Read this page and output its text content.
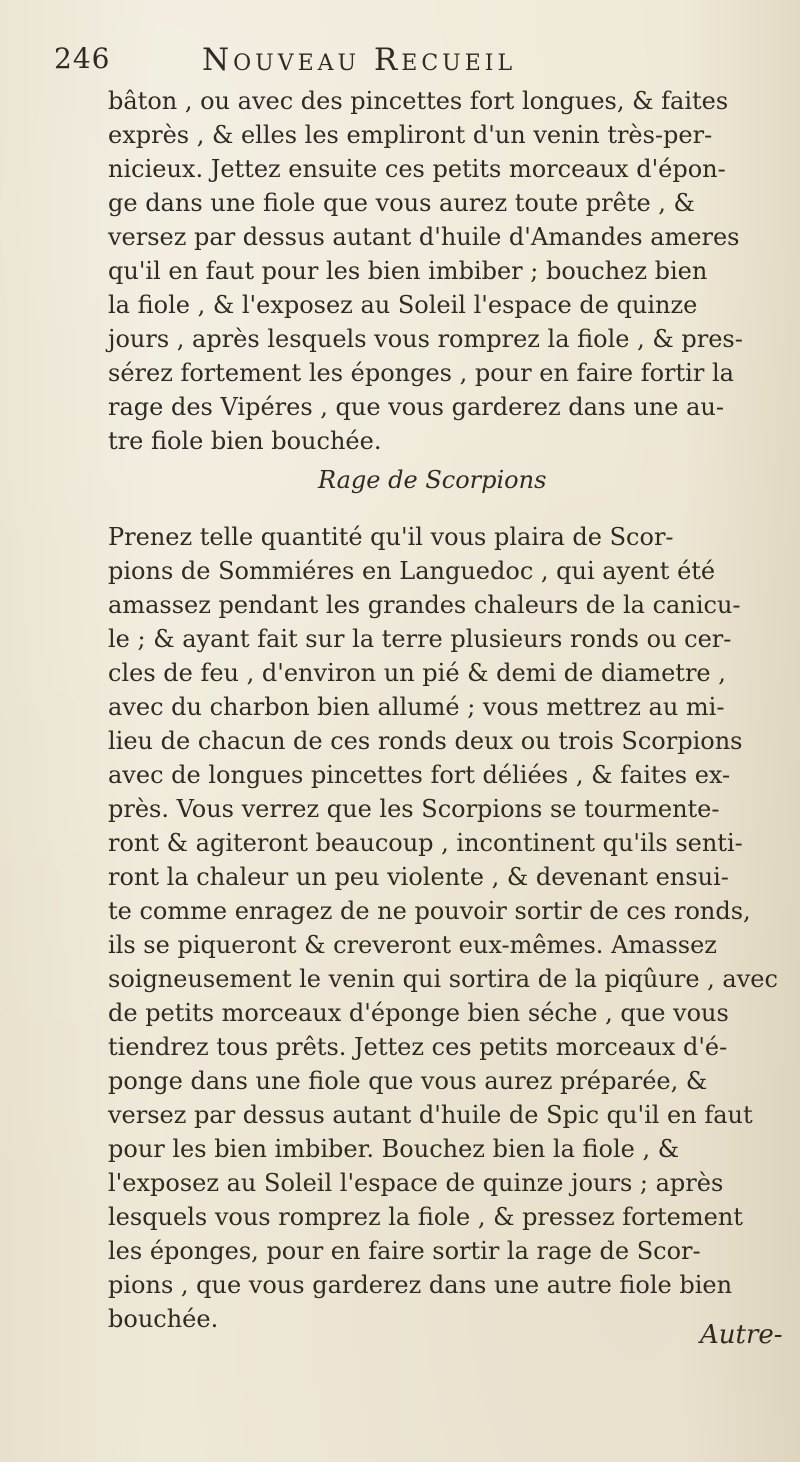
246	Nouveau Recueil
bâton , ou avec des pincettes fort longues, & faites
exprès , & elles les empliront d'un venin très-per-
nicieux. Jettez ensuite ces petits morceaux d'épon-
ge dans une fiole que vous aurez toute prête , &
versez par dessus autant d'huile d'Amandes ameres
qu'il en faut pour les bien imbiber ; bouchez bien
la fiole , & l'exposez au Soleil l'espace de quinze
jours , après lesquels vous romprez la fiole , & pres-
sérez fortement les éponges , pour en faire fortir la
rage des Vipéres , que vous garderez dans une au-
tre fiole bien bouchée.
Rage de Scorpions
Prenez telle quantité qu'il vous plaira de Scor-
pions de Sommiéres en Languedoc , qui ayent été
amassez pendant les grandes chaleurs de la canicu-
le ; & ayant fait sur la terre plusieurs ronds ou cer-
cles de feu , d'environ un pié & demi de diametre ,
avec du charbon bien allumé ; vous mettrez au mi-
lieu de chacun de ces ronds deux ou trois Scorpions
avec de longues pincettes fort déliées , & faites ex-
près. Vous verrez que les Scorpions se tourmente-
ront & agiteront beaucoup , incontinent qu'ils senti-
ront la chaleur un peu violente , & devenant ensui-
te comme enragez de ne pouvoir sortir de ces ronds,
ils se piqueront & creveront eux-mêmes. Amassez
soigneusement le venin qui sortira de la piqûure , avec
de petits morceaux d'éponge bien séche , que vous
tiendrez tous prêts. Jettez ces petits morceaux d'é-
ponge dans une fiole que vous aurez préparée, &
versez par dessus autant d'huile de Spic qu'il en faut
pour les bien imbiber. Bouchez bien la fiole , &
l'exposez au Soleil l'espace de quinze jours ; après
lesquels vous romprez la fiole , & pressez fortement
les éponges, pour en faire sortir la rage de Scor-
pions , que vous garderez dans une autre fiole bien
bouchée.
Autre-
